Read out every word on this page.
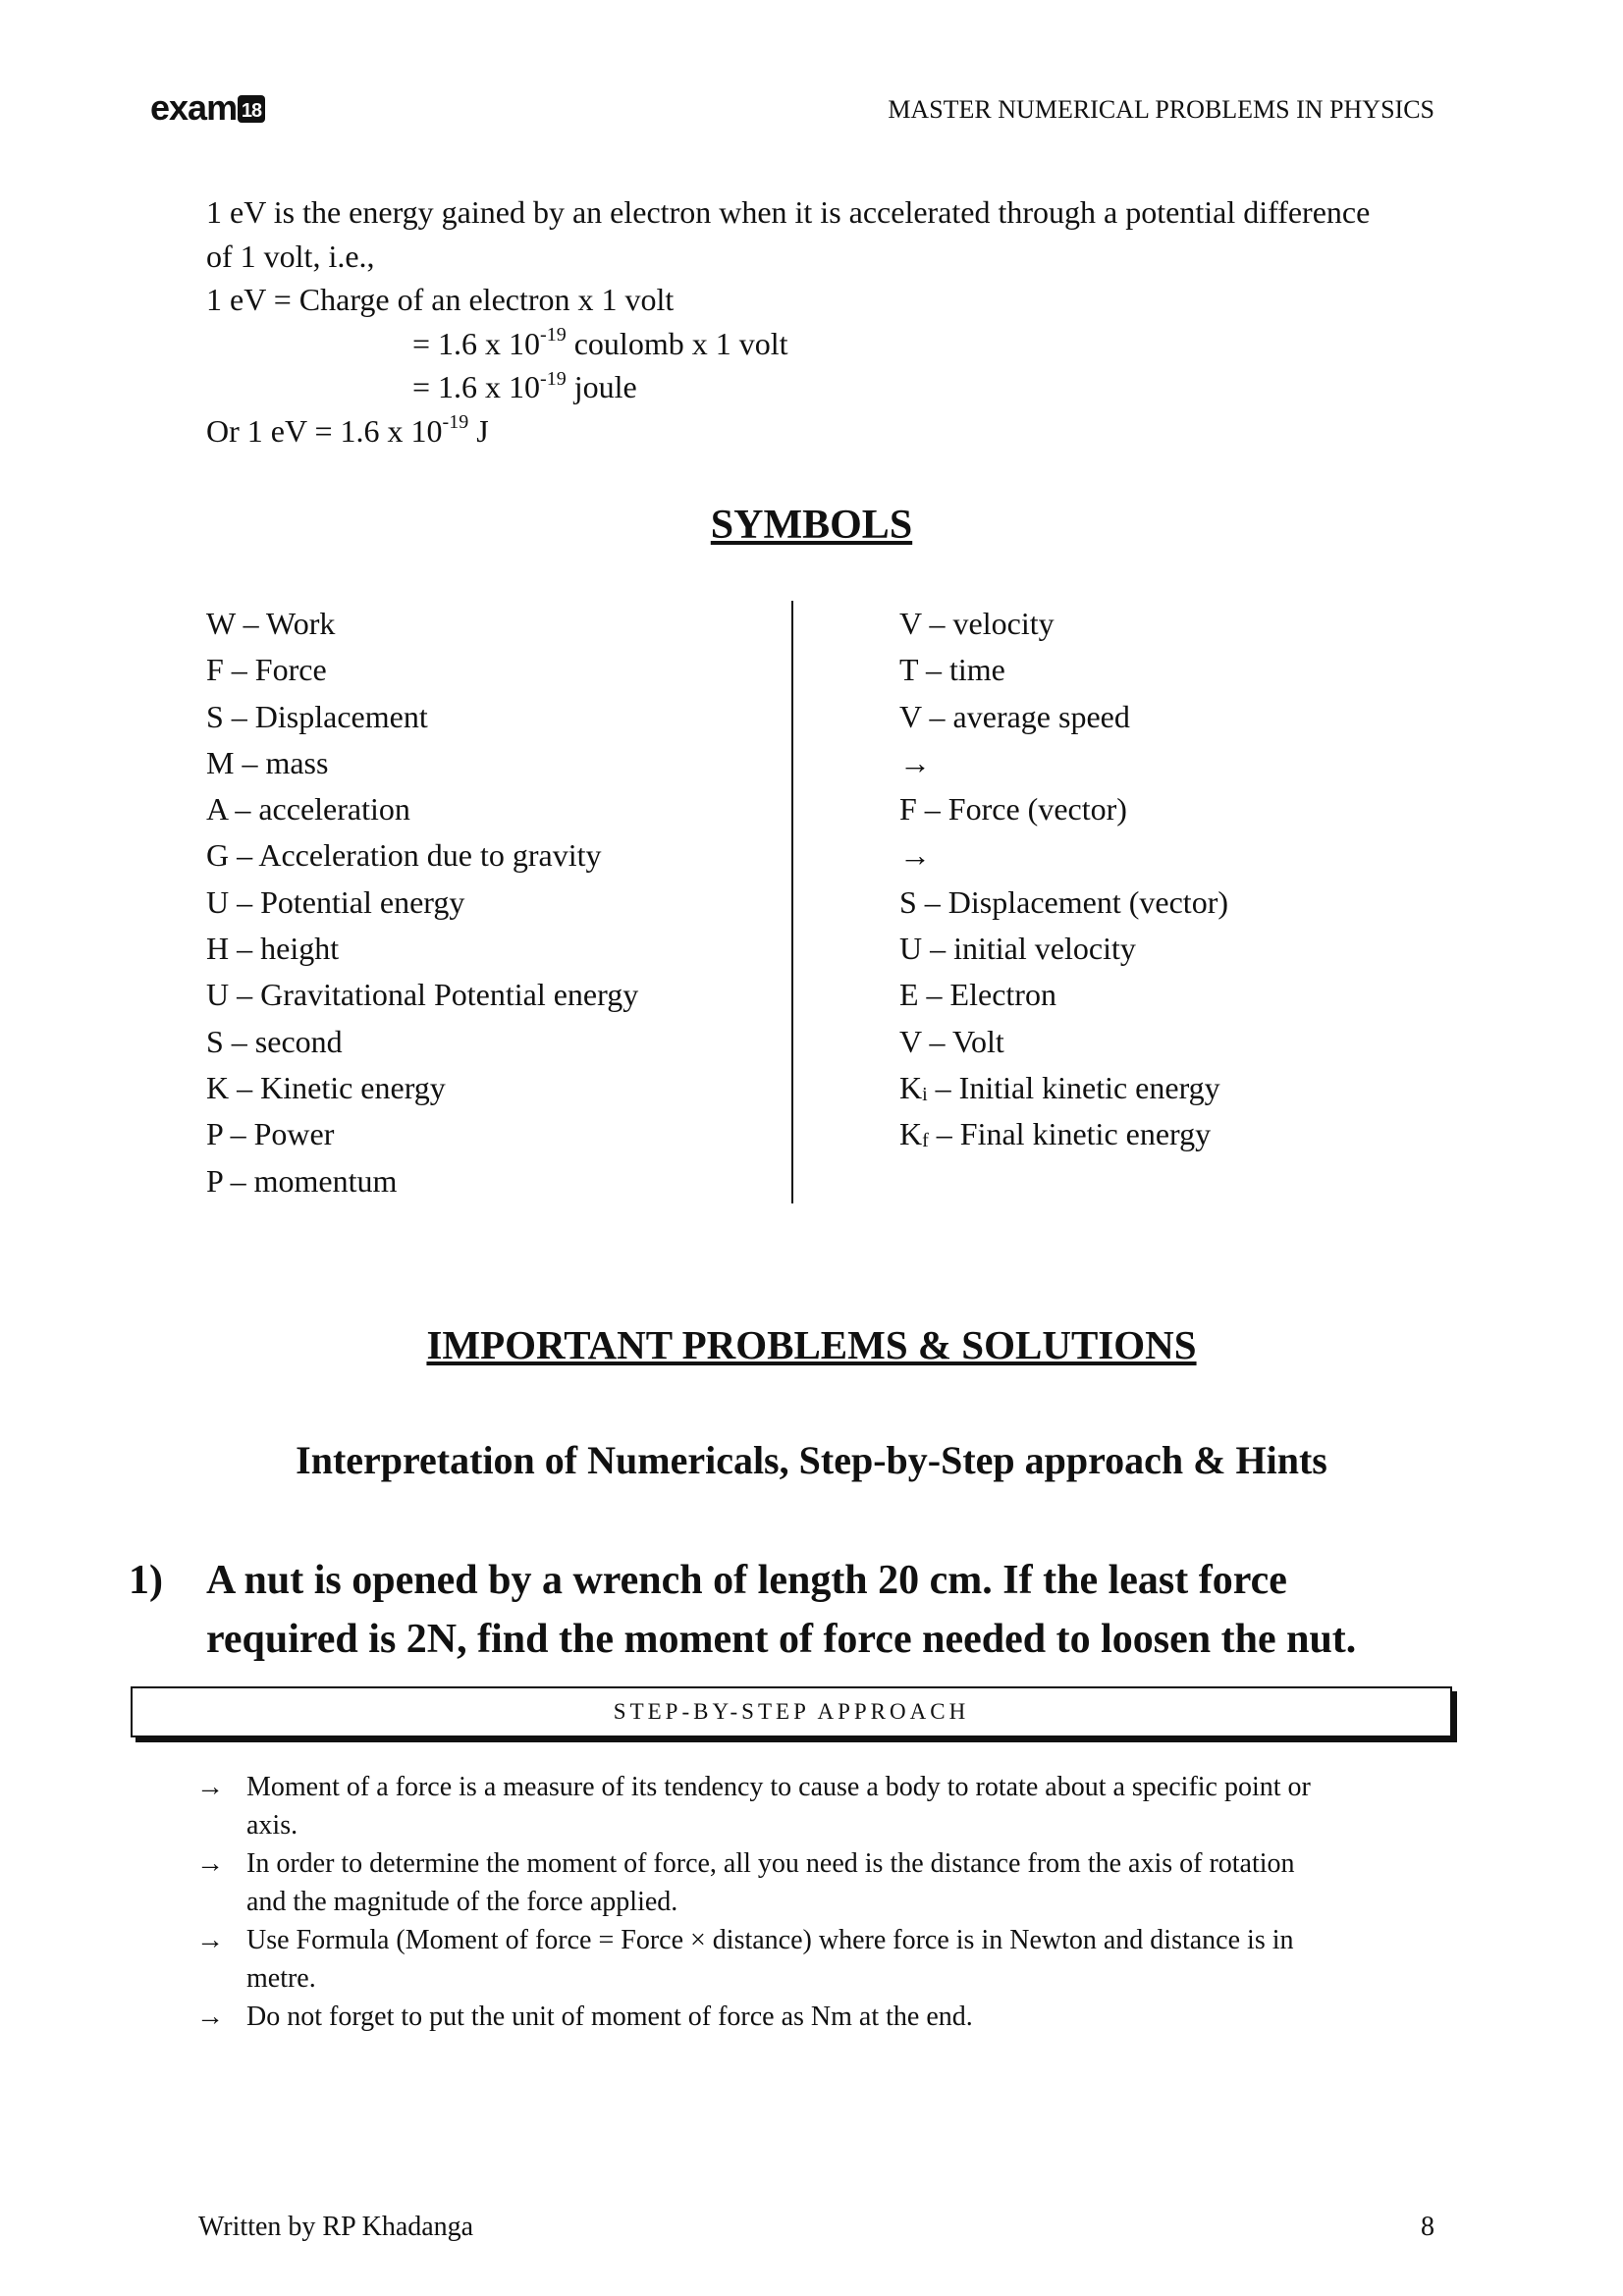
exam 18	MASTER NUMERICAL PROBLEMS IN PHYSICS
1 eV is the energy gained by an electron when it is accelerated through a potential difference
of 1 volt, i.e.,
1 eV = Charge of an electron x 1 volt
= 1.6 x $10^{-19}$ coulomb x 1 volt
= 1.6 x $10^{-19}$ joule
Or 1 eV = 1.6 x $10^{-19}$ J
SYMBOLS
W – Work
F – Force
S – Displacement
M – mass
A – acceleration
G – Acceleration due to gravity
U – Potential energy
H – height
U – Gravitational Potential energy
S – second
K – Kinetic energy
P – Power
P – momentum
V – velocity
T – time
V – average speed
→
F – Force (vector)
→
S – Displacement (vector)
U – initial velocity
E – Electron
V – Volt
$K_i$ – Initial kinetic energy
$K_f$ – Final kinetic energy
IMPORTANT PROBLEMS & SOLUTIONS
Interpretation of Numericals, Step-by-Step approach & Hints
1) A nut is opened by a wrench of length 20 cm. If the least force
required is 2N, find the moment of force needed to loosen the nut.
STEP-BY-STEP APPROACH
→ Moment of a force is a measure of its tendency to cause a body to rotate about a specific point or
axis.
→ In order to determine the moment of force, all you need is the distance from the axis of rotation
and the magnitude of the force applied.
→ Use Formula (Moment of force = Force × distance) where force is in Newton and distance is in
metre.
→ Do not forget to put the unit of moment of force as Nm at the end.
Written by RP Khadanga	8
